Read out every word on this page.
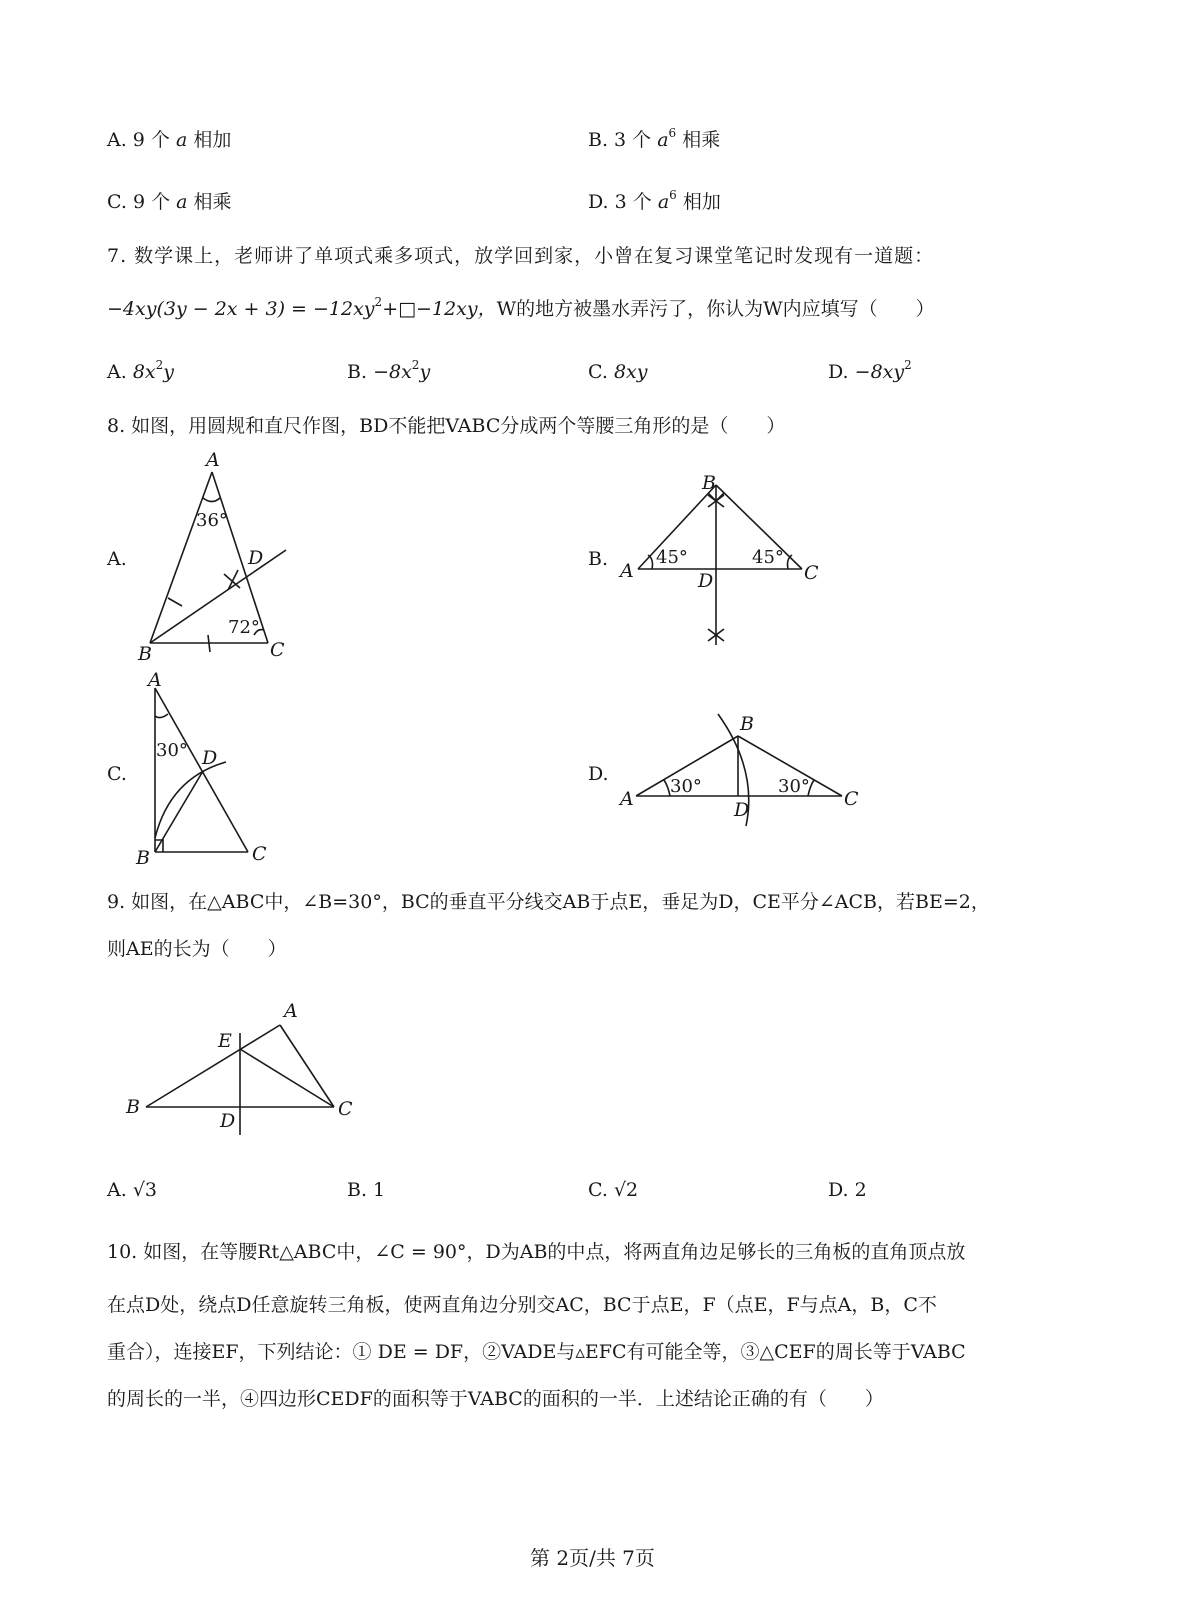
A. 9 个 a 相加	B. 3 个 $a^6$ 相乘
C. 9 个 a 相乘	D. 3 个 $a^6$ 相加
7. 数学课上，老师讲了单项式乘多项式，放学回到家，小曾在复习课堂笔记时发现有一道题：
$-4xy(3y - 2x + 3) = -12xy^2+□-12xy$，W的地方被墨水弄污了，你认为W内应填写（　　）
A. $8x^2y$	B. $-8x^2y$	C. 8xy	D. $-8xy^2$
8. 如图，用圆规和直尺作图，BD不能把VABC分成两个等腰三角形的是（　　）
A.	B.
C.	D.
A
B	C
D
36°
72°
B
A	C
D
45°	45°
A
B	C
D
30°
B
A	C
D
30°	30°
9. 如图，在△ABC中，∠B=30°，BC的垂直平分线交AB于点E，垂足为D，CE平分∠ACB，若BE=2，
则AE的长为（　　）
A
E
B
D
C
A. √3	B. 1	C. √2	D. 2
10. 如图，在等腰Rt△ABC中，∠C = 90°，D为AB的中点，将两直角边足够长的三角板的直角顶点放
在点D处，绕点D任意旋转三角板，使两直角边分别交AC，BC于点E，F（点E，F与点A，B，C不
重合），连接EF，下列结论：① DE = DF，②VADE与▵EFC有可能全等，③△CEF的周长等于VABC
的周长的一半，④四边形CEDF的面积等于VABC的面积的一半．上述结论正确的有（　　）
第 2页/共 7页
